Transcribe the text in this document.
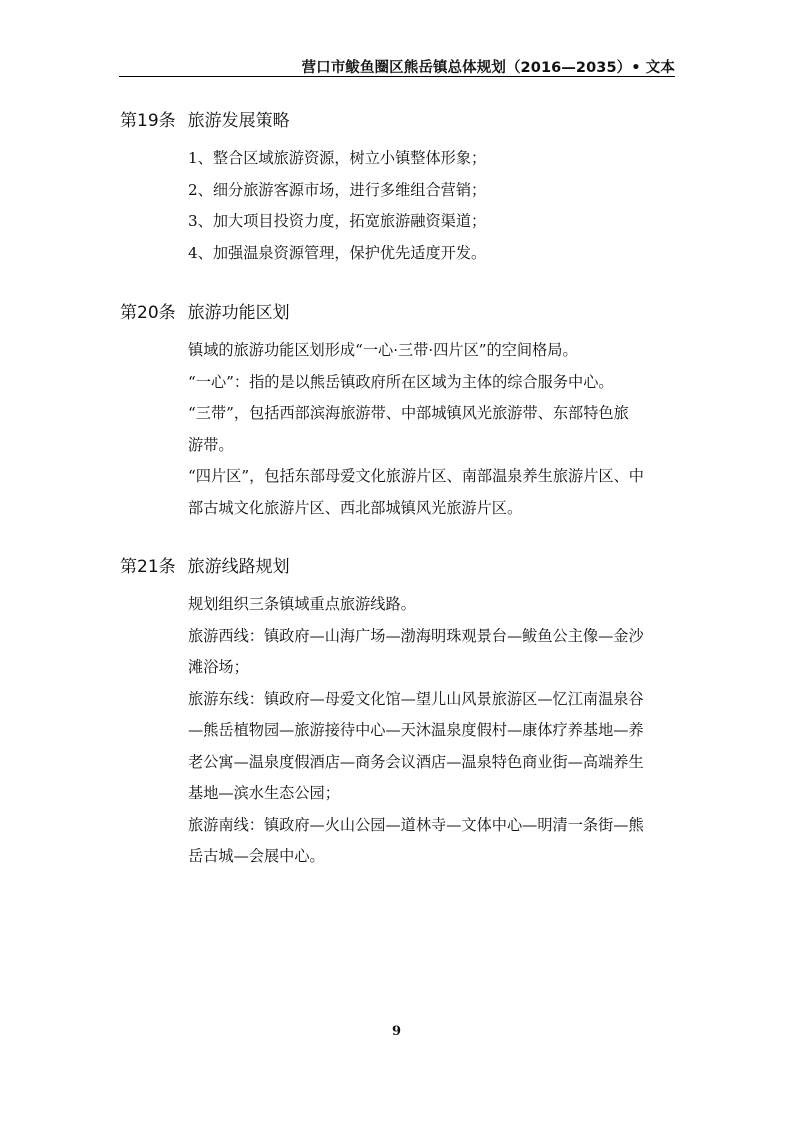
营口市鲅鱼圈区熊岳镇总体规划（2016—2035）• 文本
第19条 旅游发展策略
1、整合区域旅游资源，树立小镇整体形象；
2、细分旅游客源市场，进行多维组合营销；
3、加大项目投资力度，拓宽旅游融资渠道；
4、加强温泉资源管理，保护优先适度开发。
第20条 旅游功能区划
镇域的旅游功能区划形成“一心·三带·四片区”的空间格局。
“一心”：指的是以熊岳镇政府所在区域为主体的综合服务中心。
“三带”，包括西部滨海旅游带、中部城镇风光旅游带、东部特色旅
游带。
“四片区”，包括东部母爱文化旅游片区、南部温泉养生旅游片区、中
部古城文化旅游片区、西北部城镇风光旅游片区。
第21条 旅游线路规划
规划组织三条镇域重点旅游线路。
旅游西线：镇政府—山海广场—渤海明珠观景台—鲅鱼公主像—金沙
滩浴场；
旅游东线：镇政府—母爱文化馆—望儿山风景旅游区—忆江南温泉谷
—熊岳植物园—旅游接待中心—天沐温泉度假村—康体疗养基地—养
老公寓—温泉度假酒店—商务会议酒店—温泉特色商业街—高端养生
基地—滨水生态公园；
旅游南线：镇政府—火山公园—道林寺—文体中心—明清一条街—熊
岳古城—会展中心。
9
